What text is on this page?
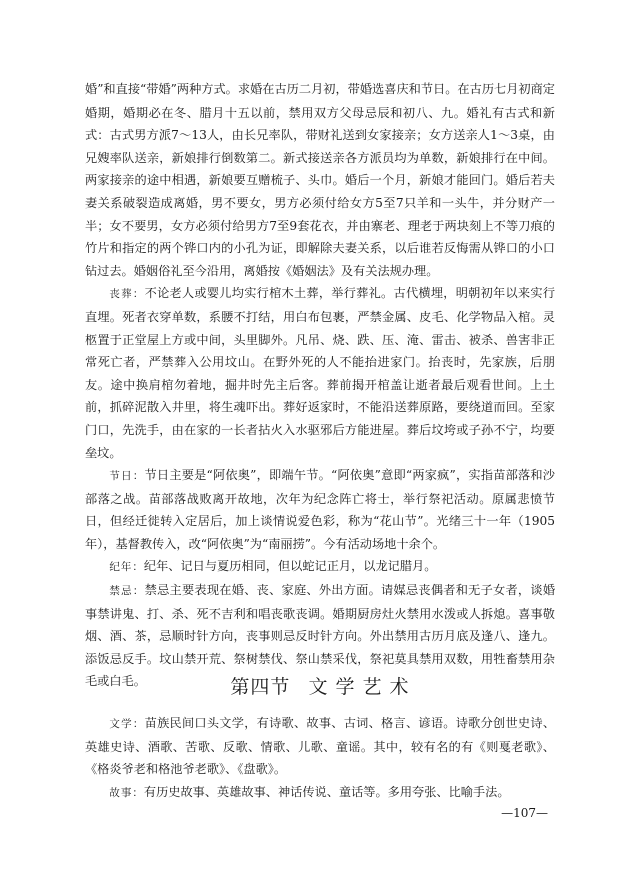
婚”和直接“带婚”两种方式。求婚在古历二月初，带婚选喜庆和节日。在古历七月初商定婚期，婚期必在冬、腊月十五以前，禁用双方父母忌辰和初八、九。婚礼有古式和新式：古式男方派7～13人，由长兄率队，带财礼送到女家接亲；女方送亲人1～3桌，由兄嫂率队送亲，新娘排行倒数第二。新式接送亲各方派员均为单数，新娘排行在中间。两家接亲的途中相遇，新娘要互赠梳子、头巾。婚后一个月，新娘才能回门。婚后若夫妻关系破裂造成离婚，男不要女，男方必须付给女方5至7只羊和一头牛，并分财产一半；女不要男，女方必须付给男方7至9套花衣，并由寨老、理老于两块刻上不等刀痕的竹片和指定的两个铧口内的小孔为证，即解除夫妻关系，以后谁若反悔需从铧口的小口钻过去。婚姻俗礼至今沿用，离婚按《婚姻法》及有关法规办理。

丧葬：不论老人或婴儿均实行棺木土葬，举行葬礼。古代横埋，明朝初年以来实行直埋。死者衣穿单数，系腰不打结，用白布包裹，严禁金属、皮毛、化学物品入棺。灵柩置于正堂屋上方或中间，头里脚外。凡吊、烧、跌、压、淹、雷击、被杀、兽害非正常死亡者，严禁葬入公用坟山。在野外死的人不能抬进家门。抬丧时，先家族，后朋友。途中换肩棺勿着地，掘井时先主后客。葬前揭开棺盖让逝者最后观看世间。上土前，抓碎泥散入井里，将生魂吓出。葬好返家时，不能沿送葬原路，要绕道而回。至家门口，先洗手，由在家的一长者拈火入水驱邪后方能进屋。葬后坟垮或子孙不宁，均要垒坟。

节日：节日主要是“阿依奥”，即端午节。“阿依奥”意即“两家疯”，实指苗部落和沙部落之战。苗部落战败离开故地，次年为纪念阵亡将士，举行祭祀活动。原属悲愤节日，但经迁徙转入定居后，加上谈情说爱色彩，称为“花山节”。光绪三十一年（1905年），基督教传入，改“阿依奥”为“南丽捞”。今有活动场地十余个。

纪年：纪年、记日与夏历相同，但以蛇记正月，以龙记腊月。

禁忌：禁忌主要表现在婚、丧、家庭、外出方面。请媒忌丧偶者和无子女者，谈婚事禁讲鬼、打、杀、死不吉利和唱丧歌丧调。婚期厨房灶火禁用水泼或人拆熄。喜事敬烟、酒、茶，忌顺时针方向，丧事则忌反时针方向。外出禁用古历月底及逢八、逢九。添饭忌反手。坟山禁开荒、祭树禁伐、祭山禁采伐，祭祀莫具禁用双数，用牲畜禁用杂毛或白毛。	第四节 文 学 艺 术

文学：苗族民间口头文学，有诗歌、故事、古词、格言、谚语。诗歌分创世史诗、英雄史诗、酒歌、苦歌、反歌、情歌、儿歌、童谣。其中，较有名的有《则戛老歌》、《格炎爷老和格池爷老歌》、《盘歌》。

故事：有历史故事、英雄故事、神话传说、童话等。多用夸张、比喻手法。

—107—
